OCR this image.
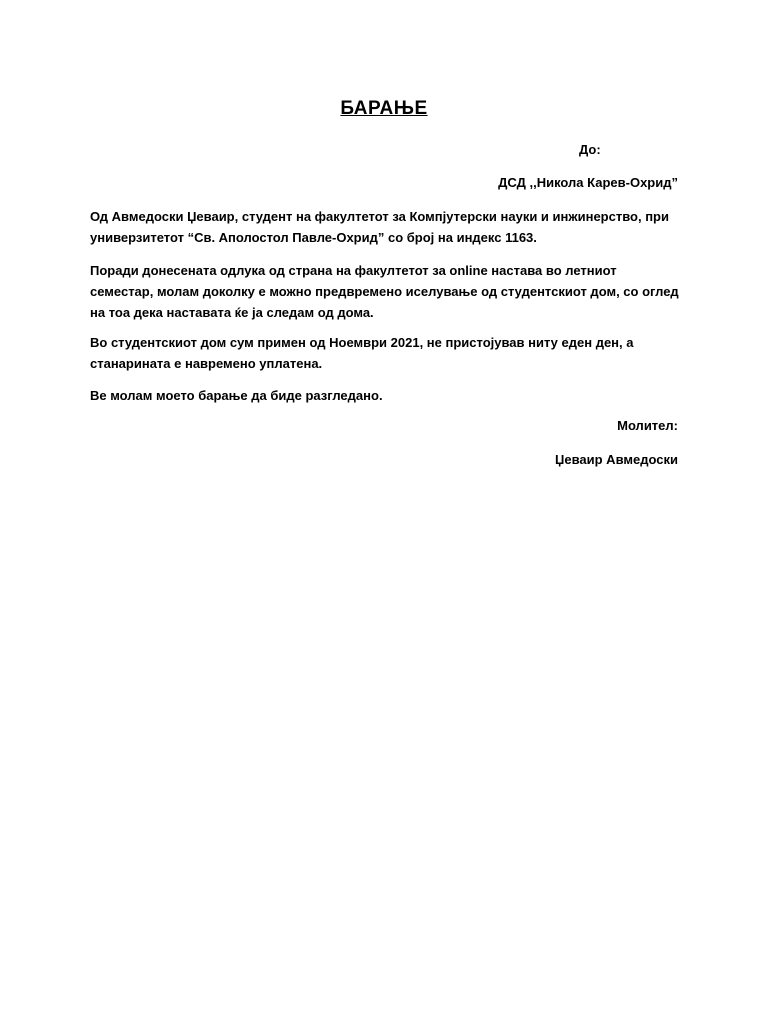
БАРАЊЕ
До:
ДСД ,,Никола Карев-Охрид”
Од Авмедоски Џеваир, студент на факултетот за Компјутерски науки и инжинерство, при универзитетот “Св. Аполостол Павле-Охрид” со број на индекс 1163.
Поради донесената одлука од страна на факултетот за online настава во летниот семестар, молам доколку е можно предвремено иселување од студентскиот дом, со оглед на тоа дека наставата ќе ја следам од дома.
Во студентскиот дом сум примен од Ноември 2021, не пристојував ниту еден ден, а станарината е навремено уплатена.
Ве молам моето барање да биде разгледано.
Молител:
Џеваир Авмедоски
